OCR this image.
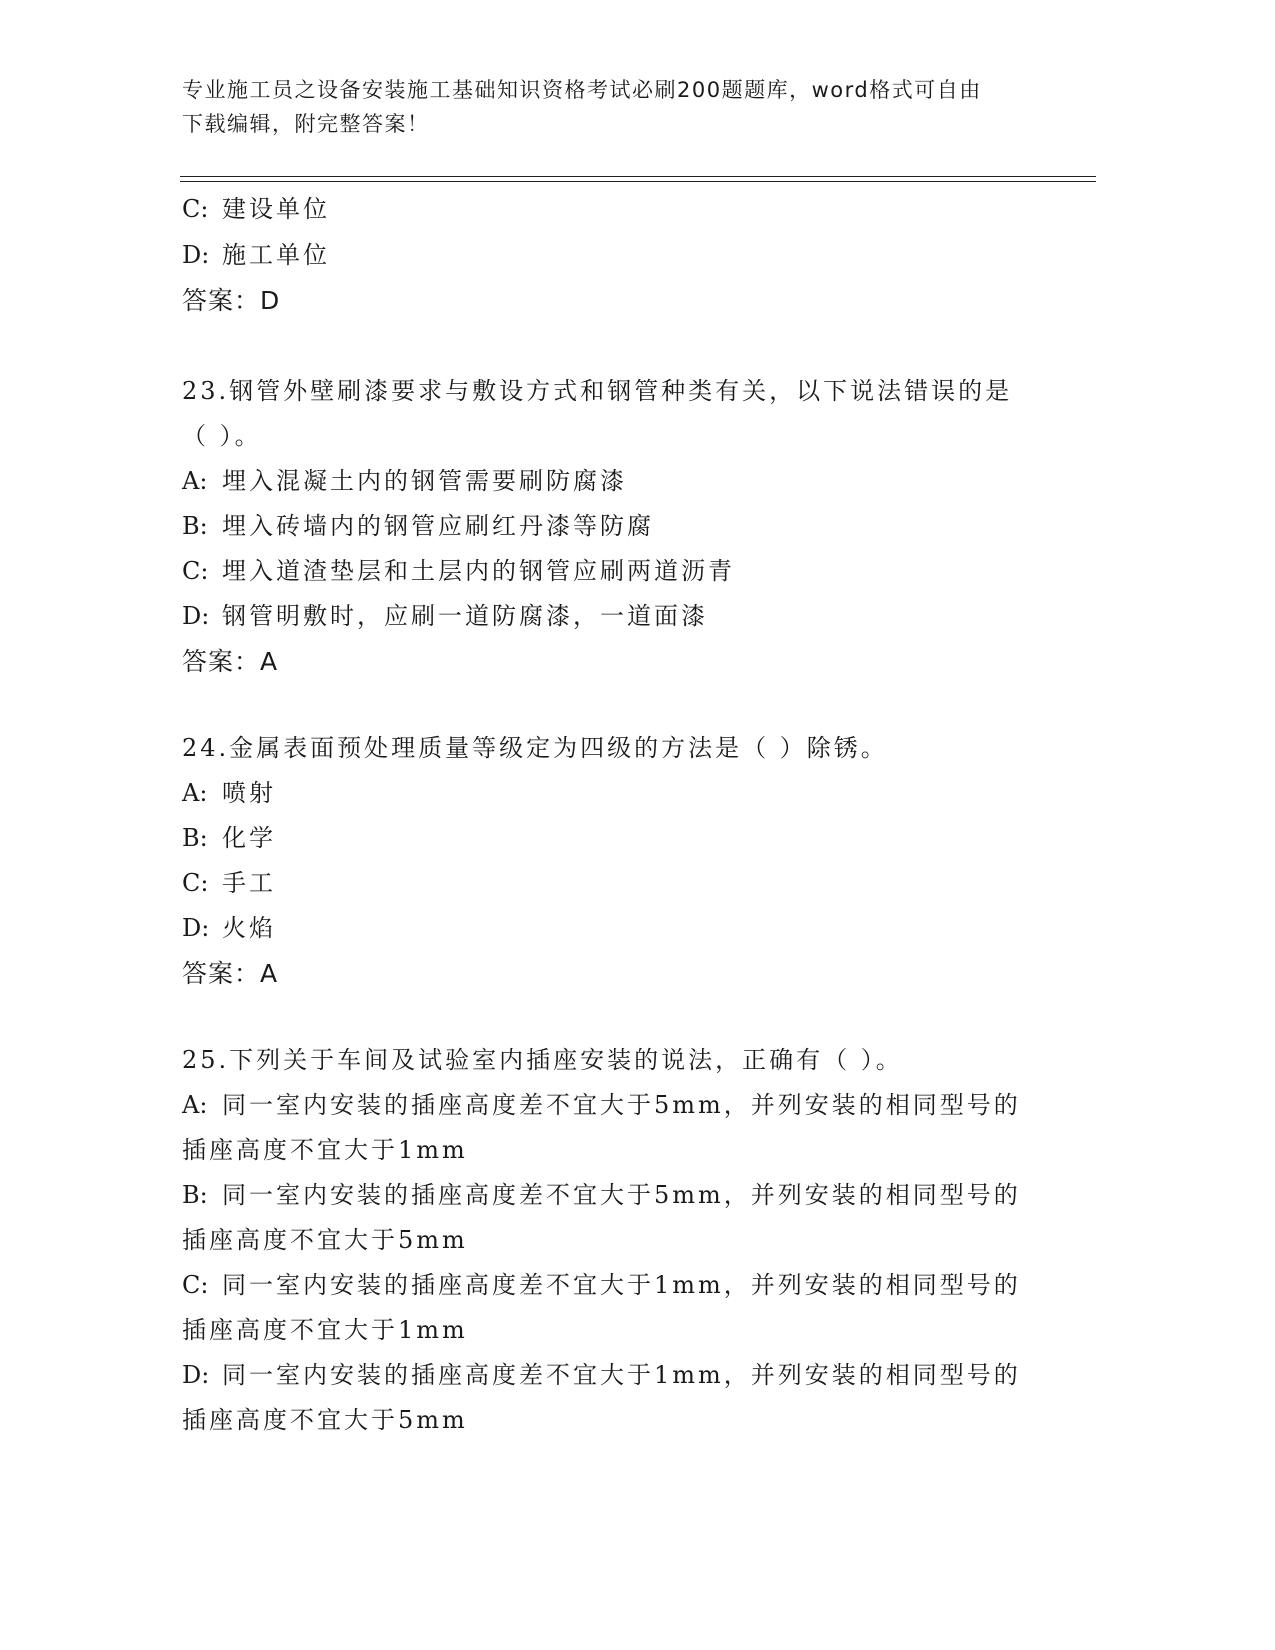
专业施工员之设备安装施工基础知识资格考试必刷200题题库，word格式可自由
下载编辑，附完整答案！
C: 建设单位
D: 施工单位
答案：D
23.钢管外壁刷漆要求与敷设方式和钢管种类有关，以下说法错误的是
（ ）。
A: 埋入混凝土内的钢管需要刷防腐漆
B: 埋入砖墙内的钢管应刷红丹漆等防腐
C: 埋入道渣垫层和土层内的钢管应刷两道沥青
D: 钢管明敷时，应刷一道防腐漆，一道面漆
答案：A
24.金属表面预处理质量等级定为四级的方法是（ ）除锈。
A: 喷射
B: 化学
C: 手工
D: 火焰
答案：A
25.下列关于车间及试验室内插座安装的说法，正确有（ ）。
A: 同一室内安装的插座高度差不宜大于5mm，并列安装的相同型号的
插座高度不宜大于1mm
B: 同一室内安装的插座高度差不宜大于5mm，并列安装的相同型号的
插座高度不宜大于5mm
C: 同一室内安装的插座高度差不宜大于1mm，并列安装的相同型号的
插座高度不宜大于1mm
D: 同一室内安装的插座高度差不宜大于1mm，并列安装的相同型号的
插座高度不宜大于5mm
